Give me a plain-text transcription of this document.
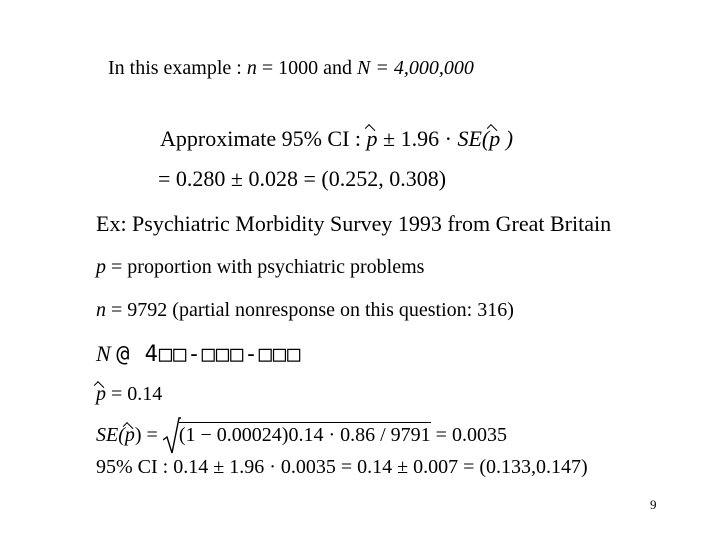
In this example : n = 1000 and N = 4,000,000
Approximate 95% CI : p ± 1.96 · SE(p )
= 0.280 ± 0.028 = (0.252, 0.308)
Ex: Psychiatric Morbidity Survey 1993 from Great Britain
p = proportion with psychiatric problems
n = 9792 (partial nonresponse on this question: 316)
N @ 4□□-□□□-□□□
p = 0.14
SE(p) =
(1 − 0.00024)0.14 · 0.86 / 9791 = 0.0035
95% CI : 0.14 ± 1.96 · 0.0035 = 0.14 ± 0.007 = (0.133,0.147)
9
